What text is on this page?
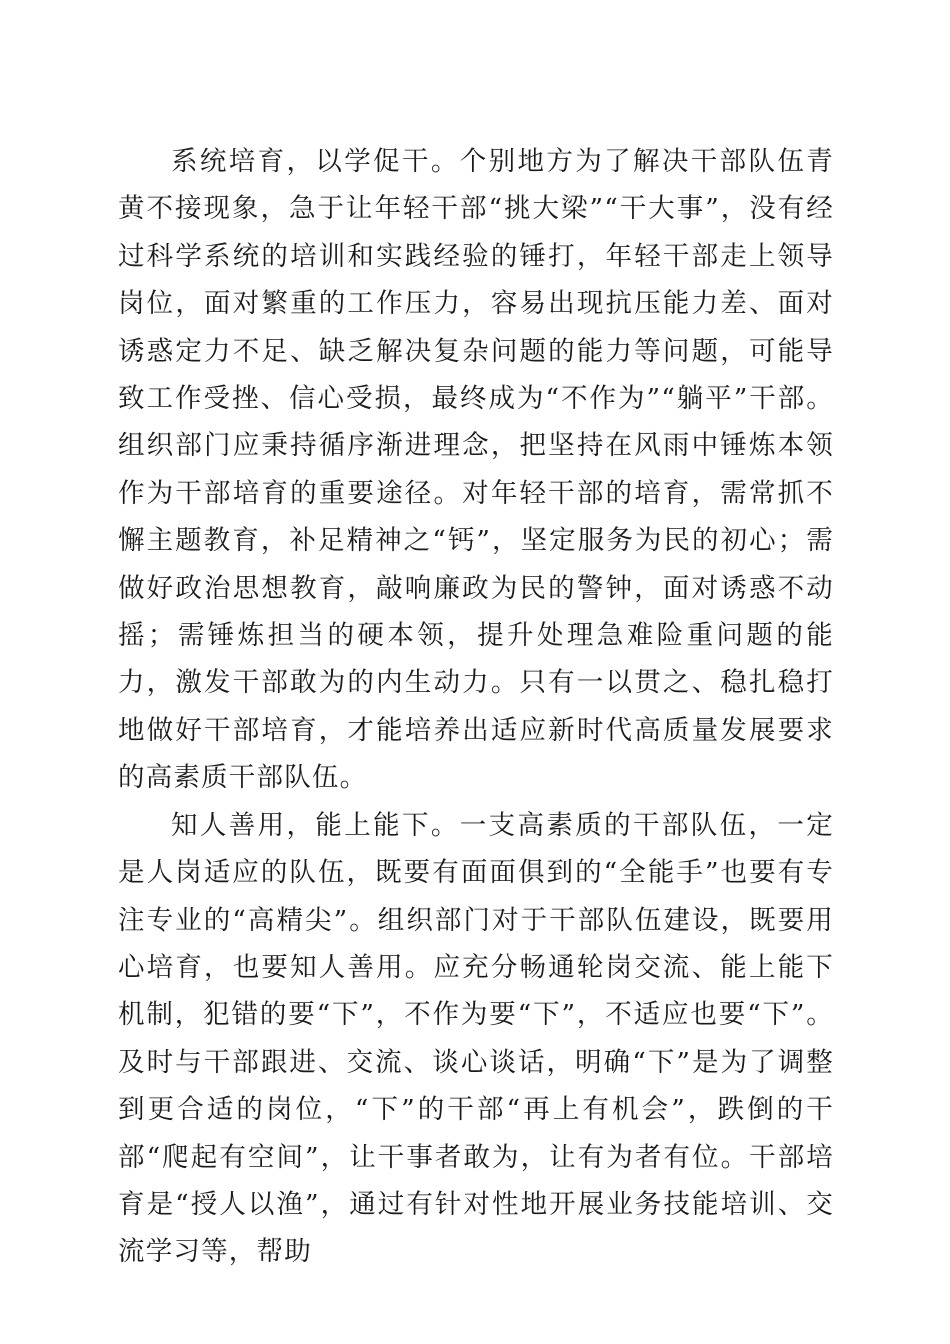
系统培育，以学促干。个别地方为了解决干部队伍青黄不接现象，急于让年轻干部“挑大梁”“干大事”，没有经过科学系统的培训和实践经验的锤打，年轻干部走上领导岗位，面对繁重的工作压力，容易出现抗压能力差、面对诱惑定力不足、缺乏解决复杂问题的能力等问题，可能导致工作受挫、信心受损，最终成为“不作为”“躺平”干部。组织部门应秉持循序渐进理念，把坚持在风雨中锤炼本领作为干部培育的重要途径。对年轻干部的培育，需常抓不懈主题教育，补足精神之“钙”，坚定服务为民的初心；需做好政治思想教育，敲响廉政为民的警钟，面对诱惑不动摇；需锤炼担当的硬本领，提升处理急难险重问题的能力，激发干部敢为的内生动力。只有一以贯之、稳扎稳打地做好干部培育，才能培养出适应新时代高质量发展要求的高素质干部队伍。

知人善用，能上能下。一支高素质的干部队伍，一定是人岗适应的队伍，既要有面面俱到的“全能手”也要有专注专业的“高精尖”。组织部门对于干部队伍建设，既要用心培育，也要知人善用。应充分畅通轮岗交流、能上能下机制，犯错的要“下”，不作为要“下”，不适应也要“下”。及时与干部跟进、交流、谈心谈话，明确“下”是为了调整到更合适的岗位，“下”的干部“再上有机会”，跌倒的干部“爬起有空间”，让干事者敢为，让有为者有位。干部培育是“授人以渔”，通过有针对性地开展业务技能培训、交流学习等，帮助
